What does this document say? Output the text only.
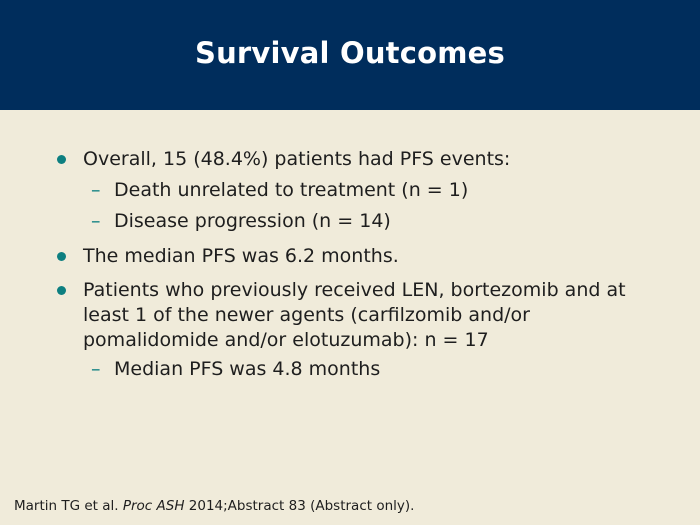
Survival Outcomes
Overall, 15 (48.4%) patients had PFS events:
– Death unrelated to treatment (n = 1)
– Disease progression (n = 14)
The median PFS was 6.2 months.
Patients who previously received LEN, bortezomib and at least 1 of the newer agents (carfilzomib and/or pomalidomide and/or elotuzumab): n = 17
– Median PFS was 4.8 months
Martin TG et al. Proc ASH 2014;Abstract 83 (Abstract only).
